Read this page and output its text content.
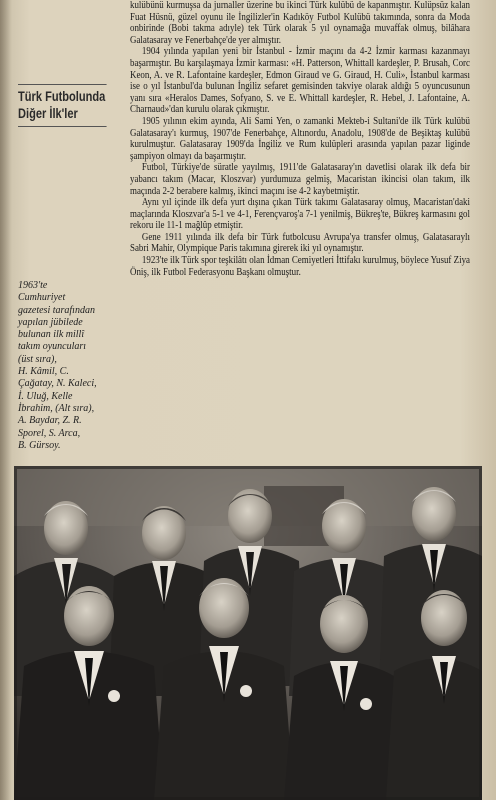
Türk Futbolunda
Diğer İlk'ler

kulübünü kurmuşsa da jurnaller üzerine bu ikinci Türk kulübü de kapanmıştır. Kulüpsüz kalan Fuat Hüsnü, güzel oyunu ile İngilizler'in Kadıköy Futbol Kulübü takımında, sonra da Moda onbirinde (Bobi takma adıyle) tek Türk olarak 5 yıl oynamağa muvaffak olmuş, bilâhara Galatasaray ve Fenerbahçe'de yer almıştır.

1904 yılında yapılan yeni bir İstanbul - İzmir maçını da 4-2 İzmir karması kazanmayı başarmıştır. Bu karşılaşmaya İzmir karması: «H. Patterson, Whittall kardeşler, P. Brusah, Corc Keon, A. ve R. Lafontaine kardeşler, Edmon Giraud ve G. Giraud, H. Culi», İstanbul karması ise o yıl İstanbul'da bulunan İngiliz sefaret gemisinden takviye olarak aldığı 5 oyuncusunun yanı sıra «Heralos Dames, Sofyano, S. ve E. Whittall kardeşler, R. Hebel, J. Lafontaine, A. Charnaud»'dan kurulu olarak çıkmıştır.

1905 yılının ekim ayında, Ali Sami Yen, o zamanki Mekteb-i Sultani'de ilk Türk kulübü Galatasaray'ı kurmuş, 1907'de Fenerbahçe, Altınordu, Anadolu, 1908'de de Beşiktaş kulübü kurulmuştur. Galatasaray 1909'da İngiliz ve Rum kulüpleri arasında yapılan pazar liginde şampiyon olmayı da başarmıştır.

Futbol, Türkiye'de süratle yayılmış, 1911'de Galatasaray'ın davetlisi olarak ilk defa bir yabancı takım (Macar, Kloszvar) yurdumuza gelmiş, Macaristan ikincisi olan takım, ilk maçında 2-2 berabere kalmış, ikinci maçını ise 4-2 kaybetmiştir.

Aynı yıl içinde ilk defa yurt dışına çıkan Türk takımı Galatasaray olmuş, Macaristan'daki maçlarında Kloszvar'a 5-1 ve 4-1, Ferençvaroş'a 7-1 yenilmiş, Bükreş'te, Bükreş karmasını gol rekoru ile 11-1 mağlûp etmiştir.

Gene 1911 yılında ilk defa bir Türk futbolcusu Avrupa'ya transfer olmuş, Galatasaraylı Sabri Mahir, Olympique Paris takımına girerek iki yıl oynamıştır.

1923'te ilk Türk spor teşkilâtı olan İdman Cemiyetleri İttifakı kurulmuş, böylece Yusuf Ziya Öniş, ilk Futbol Federasyonu Başkanı olmuştur.

1963'te
Cumhuriyet
gazetesi tarafından
yapılan jübilede
bulunan ilk millî
takım oyuncuları
(üst sıra),
H. Kâmil, C.
Çağatay, N. Kaleci,
İ. Uluğ, Kelle
İbrahim, (Alt sıra),
A. Baydar, Z. R.
Sporel, S. Arca,
B. Gürsoy.
